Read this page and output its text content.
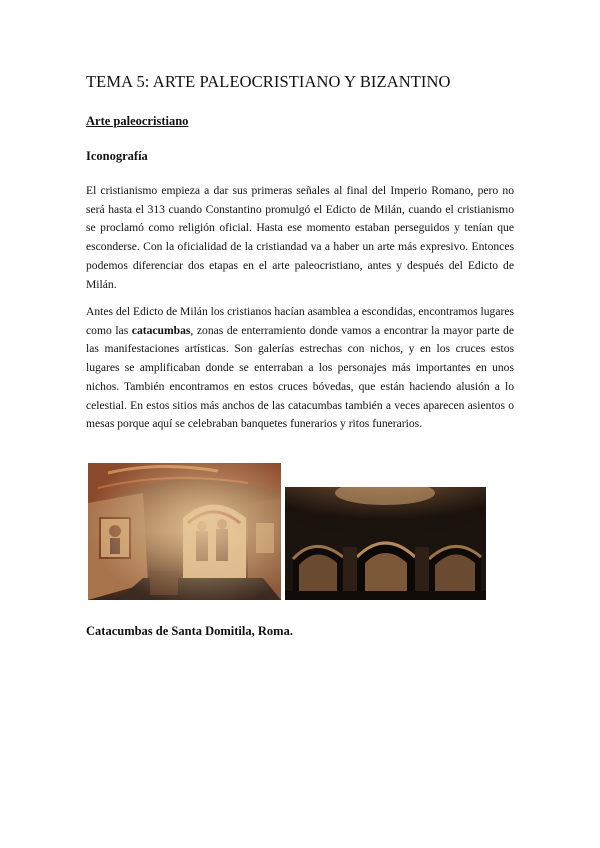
TEMA 5: ARTE PALEOCRISTIANO Y BIZANTINO
Arte paleocristiano
Iconografía

El cristianismo empieza a dar sus primeras señales al final del Imperio Romano, pero no será hasta el 313 cuando Constantino promulgó el Edicto de Milán, cuando el cristianismo se proclamó como religión oficial. Hasta ese momento estaban perseguidos y tenían que esconderse. Con la oficialidad de la cristiandad va a haber un arte más expresivo. Entonces podemos diferenciar dos etapas en el arte paleocristiano, antes y después del Edicto de Milán.

Antes del Edicto de Milán los cristianos hacían asamblea a escondidas, encontramos lugares como las catacumbas, zonas de enterramiento donde vamos a encontrar la mayor parte de las manifestaciones artísticas. Son galerías estrechas con nichos, y en los cruces estos lugares se amplificaban donde se enterraban a los personajes más importantes en unos nichos. También encontramos en estos cruces bóvedas, que están haciendo alusión a lo celestial. En estos sitios más anchos de las catacumbas también a veces aparecen asientos o mesas porque aquí se celebraban banquetes funerarios y ritos funerarios.

Catacumbas de Santa Domitila, Roma.
